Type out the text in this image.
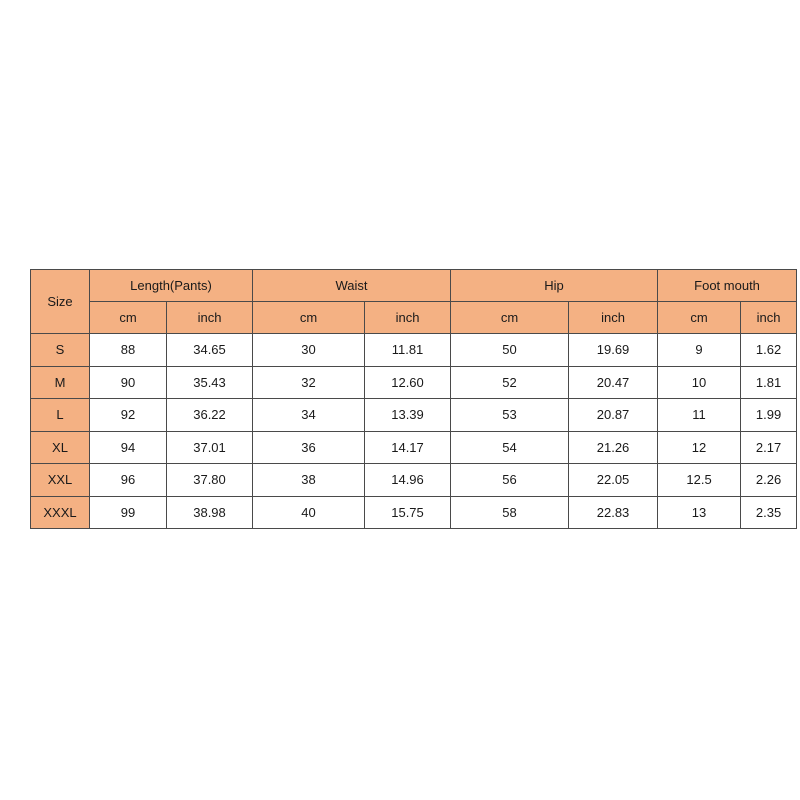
Size	Length(Pants)		Waist		Hip		Foot mouth	
	cm	inch	cm	inch	cm	inch	cm	inch
S	88	34.65	30	11.81	50	19.69	9	1.62
M	90	35.43	32	12.60	52	20.47	10	1.81
L	92	36.22	34	13.39	53	20.87	11	1.99
XL	94	37.01	36	14.17	54	21.26	12	2.17
XXL	96	37.80	38	14.96	56	22.05	12.5	2.26
XXXL	99	38.98	40	15.75	58	22.83	13	2.35
